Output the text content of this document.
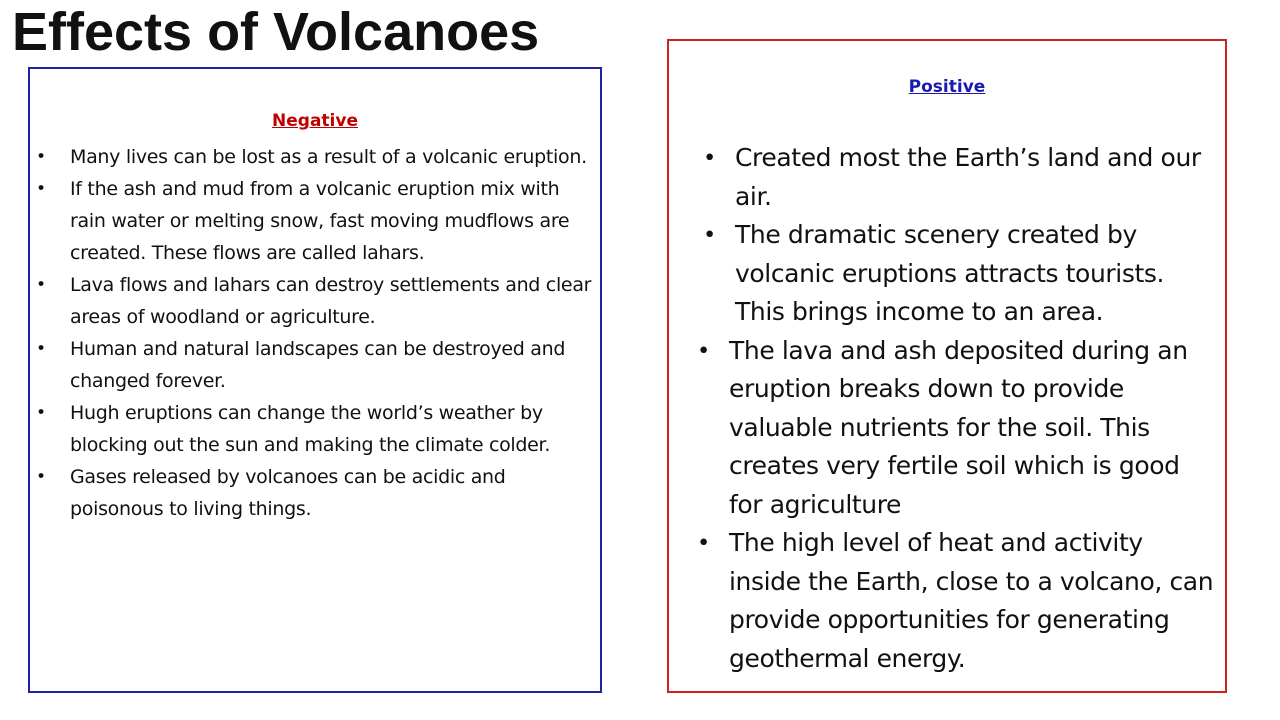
Effects of Volcanoes
Negative
• Many lives can be lost as a result of a volcanic eruption.
• If the ash and mud from a volcanic eruption mix with rain water or melting snow, fast moving mudflows are created. These flows are called lahars.
• Lava flows and lahars can destroy settlements and clear areas of woodland or agriculture.
• Human and natural landscapes can be destroyed and changed forever.
• Hugh eruptions can change the world’s weather by blocking out the sun and making the climate colder.
• Gases released by volcanoes can be acidic and poisonous to living things.
Positive
• Created most the Earth’s land and our air.
• The dramatic scenery created by volcanic eruptions attracts tourists. This brings income to an area.
• The lava and ash deposited during an eruption breaks down to provide valuable nutrients for the soil. This creates very fertile soil which is good for agriculture
• The high level of heat and activity inside the Earth, close to a volcano, can provide opportunities for generating geothermal energy.
